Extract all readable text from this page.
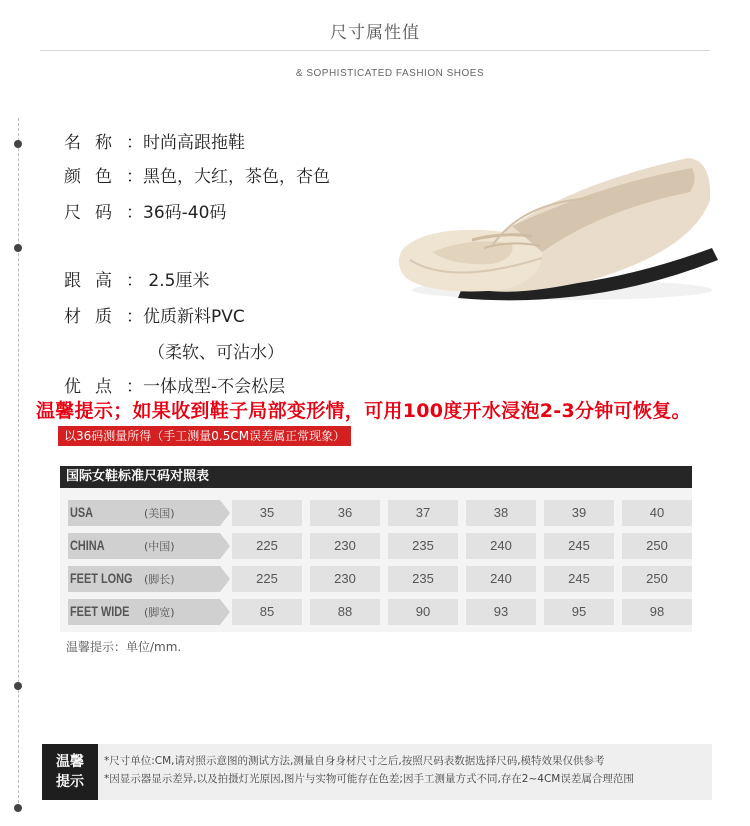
尺寸属性值
& SOPHISTICATED FASHION SHOES
名称：时尚高跟拖鞋
颜色：黑色，大红，茶色，杏色
尺码：36码-40码
跟高： 2.5厘米
材质：优质新料PVC
（柔软、可沾水）
优点：一体成型-不会松层
温馨提示；如果收到鞋子局部变形情，可用100度开水浸泡2-3分钟可恢复。
以36码测量所得（手工测量0.5CM误差属正常现象）
国际女鞋标准尺码对照表
USA	(美国)	35	36	37	38	39	40
CHINA	(中国)	225	230	235	240	245	250
FEET LONG (脚长)	225	230	235	240	245	250
FEET WIDE (脚宽)	85	88	90	93	95	98
温馨提示：单位/mm.
温馨
提示
*尺寸单位:CM,请对照示意图的测试方法,测量自身身材尺寸之后,按照尺码表数据选择尺码,模特效果仅供参考
*因显示器显示差异,以及拍摄灯光原因,图片与实物可能存在色差;因手工测量方式不同,存在2~4CM误差属合理范围
